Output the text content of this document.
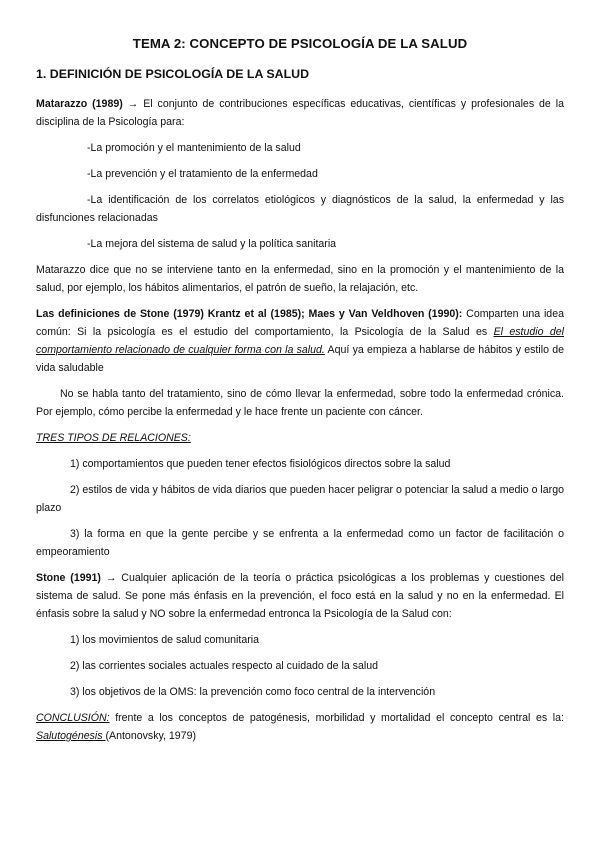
TEMA 2: CONCEPTO DE PSICOLOGÍA DE LA SALUD
1. DEFINICIÓN DE PSICOLOGÍA DE LA SALUD

Matarazzo (1989) → El conjunto de contribuciones específicas educativas, científicas y profesionales de la disciplina de la Psicología para:

-La promoción y el mantenimiento de la salud

-La prevención y el tratamiento de la enfermedad

-La identificación de los correlatos etiológicos y diagnósticos de la salud, la enfermedad y las disfunciones relacionadas

-La mejora del sistema de salud y la política sanitaria

Matarazzo dice que no se interviene tanto en la enfermedad, sino en la promoción y el mantenimiento de la salud, por ejemplo, los hábitos alimentarios, el patrón de sueño, la relajación, etc.

Las definiciones de Stone (1979) Krantz et al (1985); Maes y Van Veldhoven (1990): Comparten una idea común: Si la psicología es el estudio del comportamiento, la Psicología de la Salud es El estudio del comportamiento relacionado de cualquier forma con la salud. Aquí ya empieza a hablarse de hábitos y estilo de vida saludable

No se habla tanto del tratamiento, sino de cómo llevar la enfermedad, sobre todo la enfermedad crónica. Por ejemplo, cómo percibe la enfermedad y le hace frente un paciente con cáncer.

TRES TIPOS DE RELACIONES:

1) comportamientos que pueden tener efectos fisiológicos directos sobre la salud

2) estilos de vida y hábitos de vida diarios que pueden hacer peligrar o potenciar la salud a medio o largo plazo

3) la forma en que la gente percibe y se enfrenta a la enfermedad como un factor de facilitación o empeoramiento

Stone (1991) → Cualquier aplicación de la teoría o práctica psicológicas a los problemas y cuestiones del sistema de salud. Se pone más énfasis en la prevención, el foco está en la salud y no en la enfermedad. El énfasis sobre la salud y NO sobre la enfermedad entronca la Psicología de la Salud con:

1) los movimientos de salud comunitaria

2) las corrientes sociales actuales respecto al cuidado de la salud

3) los objetivos de la OMS: la prevención como foco central de la intervención

CONCLUSIÓN: frente a los conceptos de patogénesis, morbilidad y mortalidad el concepto central es la: Salutogénesis (Antonovsky, 1979)
